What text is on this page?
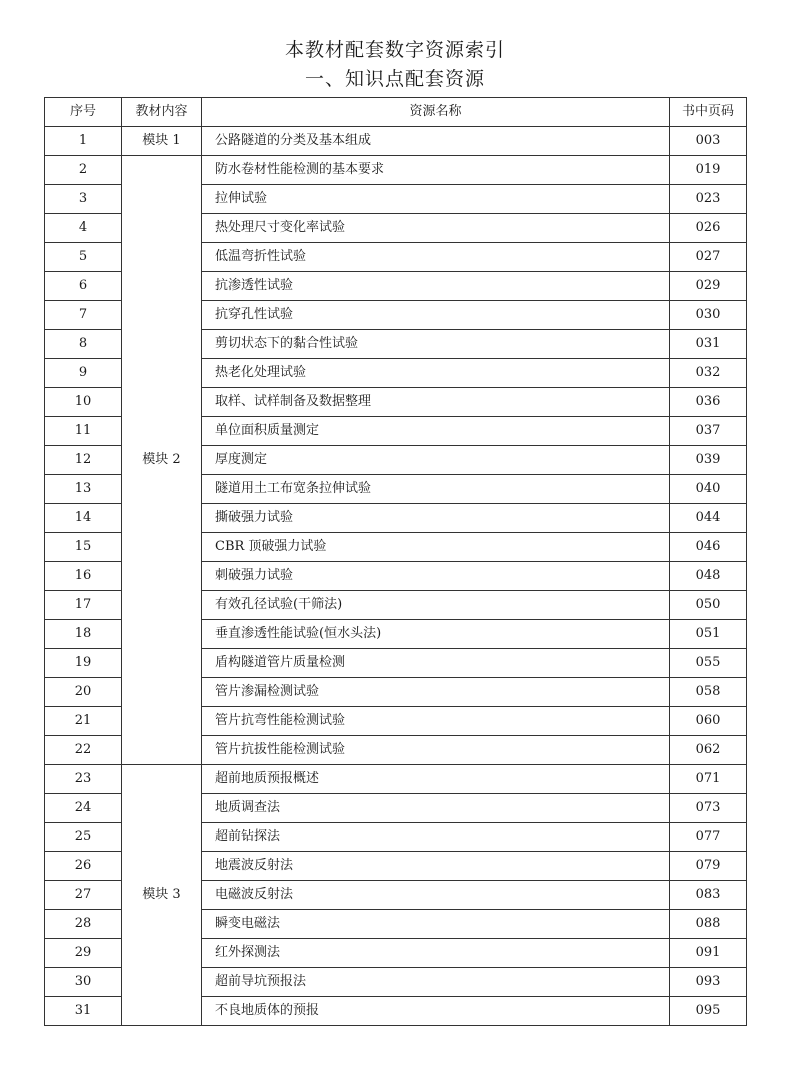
本教材配套数字资源索引
一、知识点配套资源
序号	教材内容	资源名称	书中页码
1	模块 1	公路隧道的分类及基本组成	003
2	模块 2	防水卷材性能检测的基本要求	019
3		拉伸试验	023
4		热处理尺寸变化率试验	026
5		低温弯折性试验	027
6		抗渗透性试验	029
7		抗穿孔性试验	030
8		剪切状态下的黏合性试验	031
9		热老化处理试验	032
10		取样、试样制备及数据整理	036
11		单位面积质量测定	037
12		厚度测定	039
13		隧道用土工布宽条拉伸试验	040
14		撕破强力试验	044
15		CBR 顶破强力试验	046
16		刺破强力试验	048
17		有效孔径试验(干筛法)	050
18		垂直渗透性能试验(恒水头法)	051
19		盾构隧道管片质量检测	055
20		管片渗漏检测试验	058
21		管片抗弯性能检测试验	060
22		管片抗拔性能检测试验	062
23	模块 3	超前地质预报概述	071
24		地质调查法	073
25		超前钻探法	077
26		地震波反射法	079
27		电磁波反射法	083
28		瞬变电磁法	088
29		红外探测法	091
30		超前导坑预报法	093
31		不良地质体的预报	095
